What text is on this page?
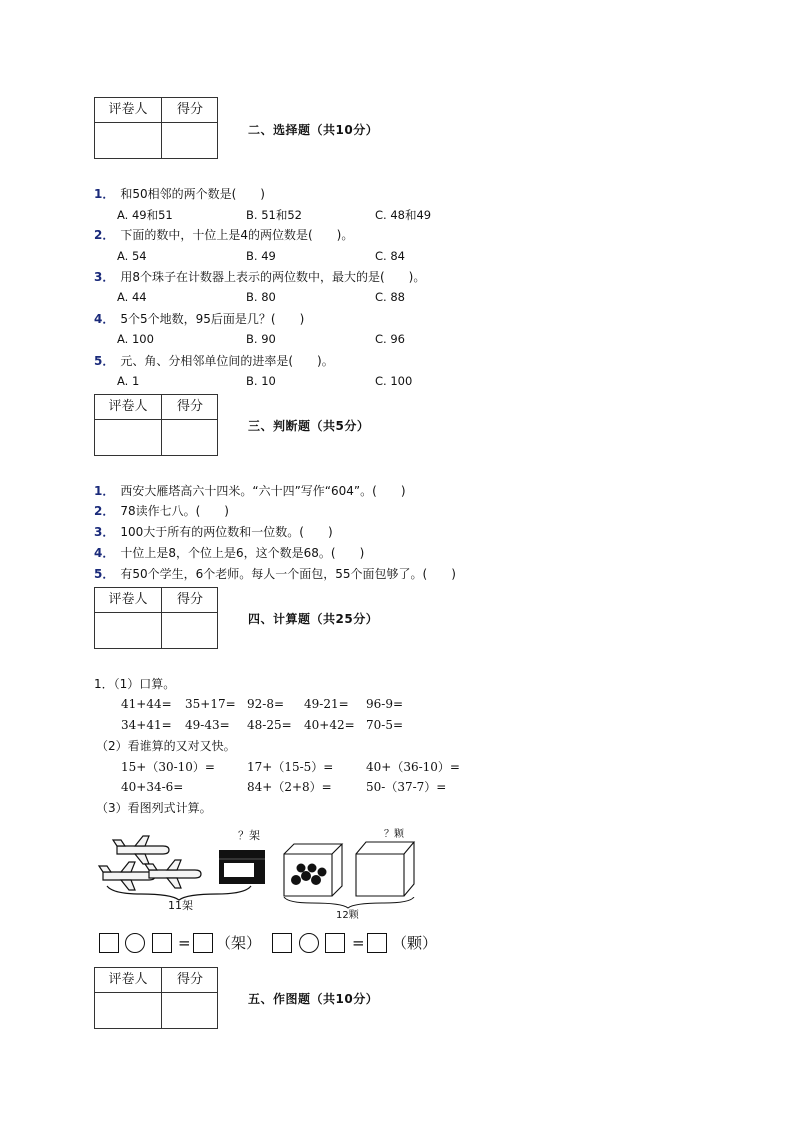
评卷人	得分
二、选择题（共10分）
1． 和50相邻的两个数是(　　)
A. 49和51	B. 51和52	C. 48和49
2． 下面的数中，十位上是4的两位数是(　　)。
A. 54	B. 49	C. 84
3． 用8个珠子在计数器上表示的两位数中，最大的是(　　)。
A. 44	B. 80	C. 88
4． 5个5个地数，95后面是几？(　　)
A. 100	B. 90	C. 96
5． 元、角、分相邻单位间的进率是(　　)。
A. 1	B. 10	C. 100
评卷人	得分
三、判断题（共5分）
1． 西安大雁塔高六十四米。“六十四”写作“604”。(　　)
2． 78读作七八。(　　)
3． 100大于所有的两位数和一位数。(　　)
4． 十位上是8，个位上是6，这个数是68。(　　)
5． 有50个学生，6个老师。每人一个面包，55个面包够了。(　　)
评卷人	得分
四、计算题（共25分）
1．（1）口算。
41+44= 35+17= 92-8= 49-21= 96-9=
34+41= 49-43= 48-25= 40+42= 70-5=
（2）看谁算的又对又快。
15+（30-10）=	17+（15-5）=	40+（36-10）=
40+34-6=	84+（2+8）=	50-（37-7）=
（3）看图列式计算。
？架
11架
？颗
12颗
= （架）	= （颗）
评卷人	得分
五、作图题（共10分）
